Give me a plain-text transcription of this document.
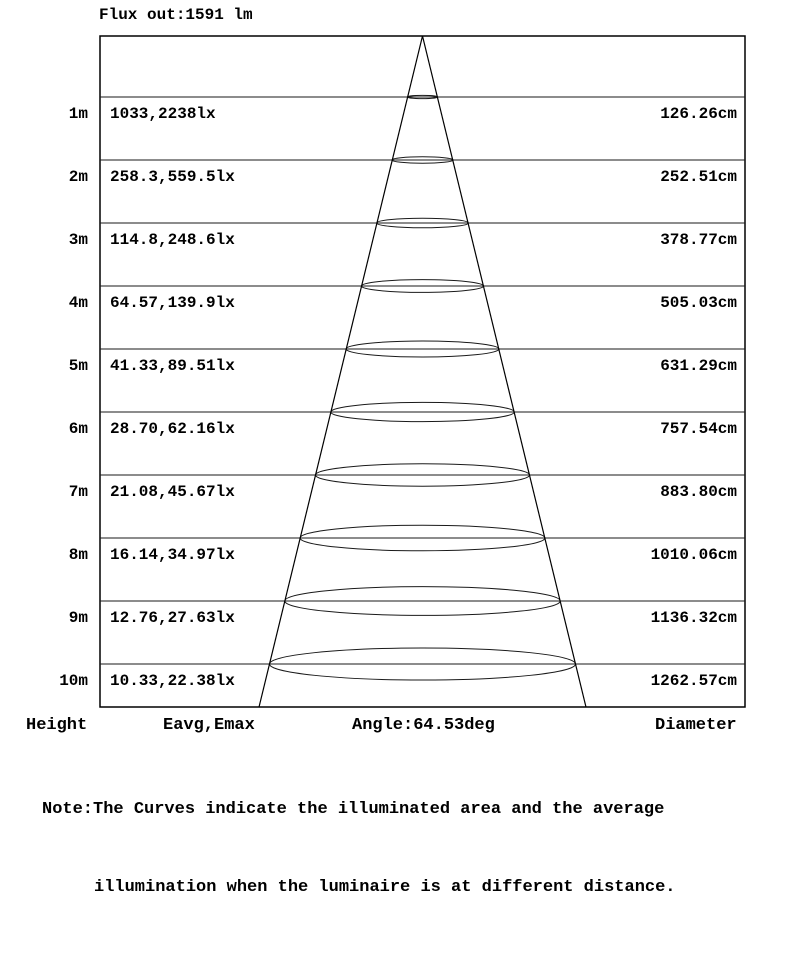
Flux out:1591 lm
1m 1033,2238lx	126.26cm
2m 258.3,559.5lx	252.51cm
3m 114.8,248.6lx	378.77cm
4m 64.57,139.9lx	505.03cm
5m 41.33,89.51lx	631.29cm
6m 28.70,62.16lx	757.54cm
7m 21.08,45.67lx	883.80cm
8m 16.14,34.97lx	1010.06cm
9m 12.76,27.63lx	1136.32cm
10m 10.33,22.38lx	1262.57cm
Height	Eavg,Emax	Angle:64.53deg	Diameter

Note:The Curves indicate the illuminated area and the average

illumination when the luminaire is at different distance.
